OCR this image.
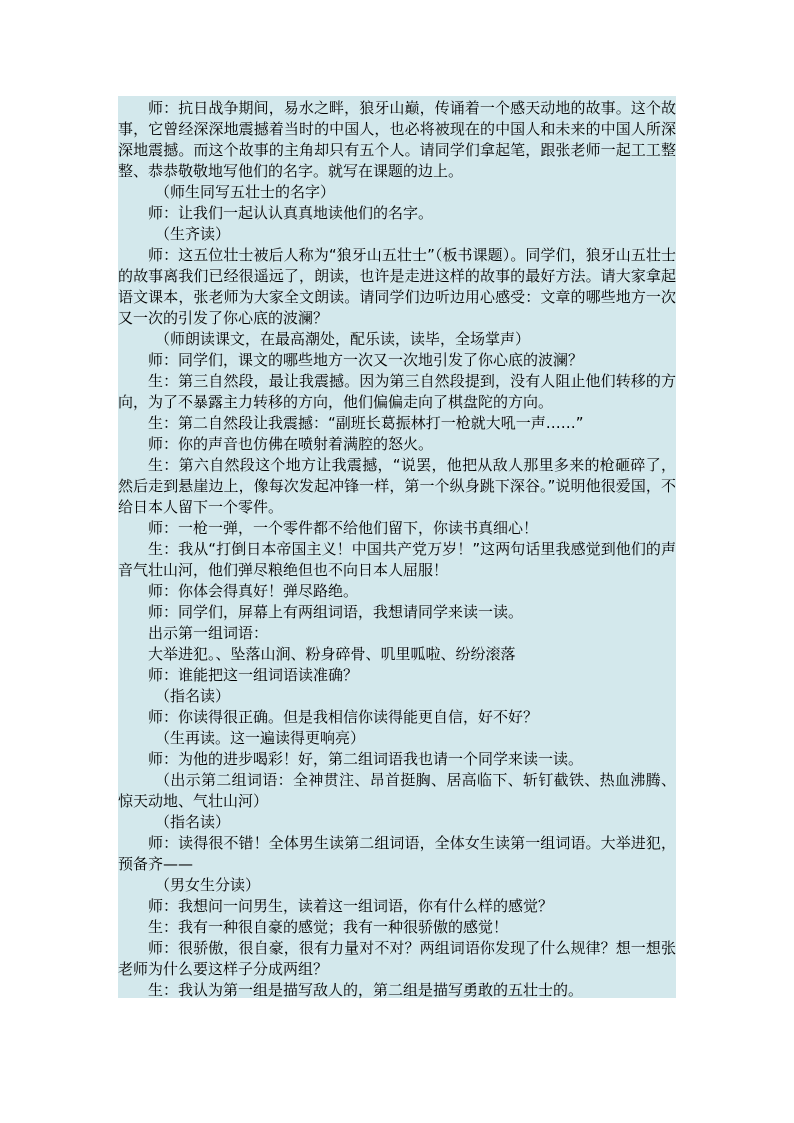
师：抗日战争期间，易水之畔，狼牙山巅，传诵着一个感天动地的故事。这个故事，它曾经深深地震撼着当时的中国人，也必将被现在的中国人和未来的中国人所深深地震撼。而这个故事的主角却只有五个人。请同学们拿起笔，跟张老师一起工工整整、恭恭敬敬地写他们的名字。就写在课题的边上。

（师生同写五壮士的名字）

师：让我们一起认认真真地读他们的名字。

（生齐读）

师：这五位壮士被后人称为“狼牙山五壮士”（板书课题）。同学们，狼牙山五壮士的故事离我们已经很遥远了，朗读，也许是走进这样的故事的最好方法。请大家拿起语文课本，张老师为大家全文朗读。请同学们边听边用心感受：文章的哪些地方一次又一次的引发了你心底的波澜？

（师朗读课文，在最高潮处，配乐读，读毕，全场掌声）

师：同学们，课文的哪些地方一次又一次地引发了你心底的波澜？

生：第三自然段，最让我震撼。因为第三自然段提到，没有人阻止他们转移的方向，为了不暴露主力转移的方向，他们偏偏走向了棋盘陀的方向。

生：第二自然段让我震撼：“副班长葛振林打一枪就大吼一声……”

师：你的声音也仿佛在喷射着满腔的怒火。

生：第六自然段这个地方让我震撼，“说罢，他把从敌人那里多来的枪砸碎了，然后走到悬崖边上，像每次发起冲锋一样，第一个纵身跳下深谷。”说明他很爱国，不给日本人留下一个零件。

师：一枪一弹，一个零件都不给他们留下，你读书真细心！

生：我从“打倒日本帝国主义！中国共产党万岁！”这两句话里我感觉到他们的声音气壮山河，他们弹尽粮绝但也不向日本人屈服！

师：你体会得真好！弹尽路绝。

师：同学们，屏幕上有两组词语，我想请同学来读一读。

出示第一组词语：

大举进犯。、坠落山涧、粉身碎骨、叽里呱啦、纷纷滚落

师：谁能把这一组词语读准确？

（指名读）

师：你读得很正确。但是我相信你读得能更自信，好不好？

（生再读。这一遍读得更响亮）

师：为他的进步喝彩！好，第二组词语我也请一个同学来读一读。

（出示第二组词语：全神贯注、昂首挺胸、居高临下、斩钉截铁、热血沸腾、惊天动地、气壮山河）

（指名读）

师：读得很不错！全体男生读第二组词语，全体女生读第一组词语。大举进犯，预备齐——

（男女生分读）

师：我想问一问男生，读着这一组词语，你有什么样的感觉？

生：我有一种很自豪的感觉；我有一种很骄傲的感觉！

师：很骄傲，很自豪，很有力量对不对？两组词语你发现了什么规律？想一想张老师为什么要这样子分成两组？

生：我认为第一组是描写敌人的，第二组是描写勇敢的五壮士的。
